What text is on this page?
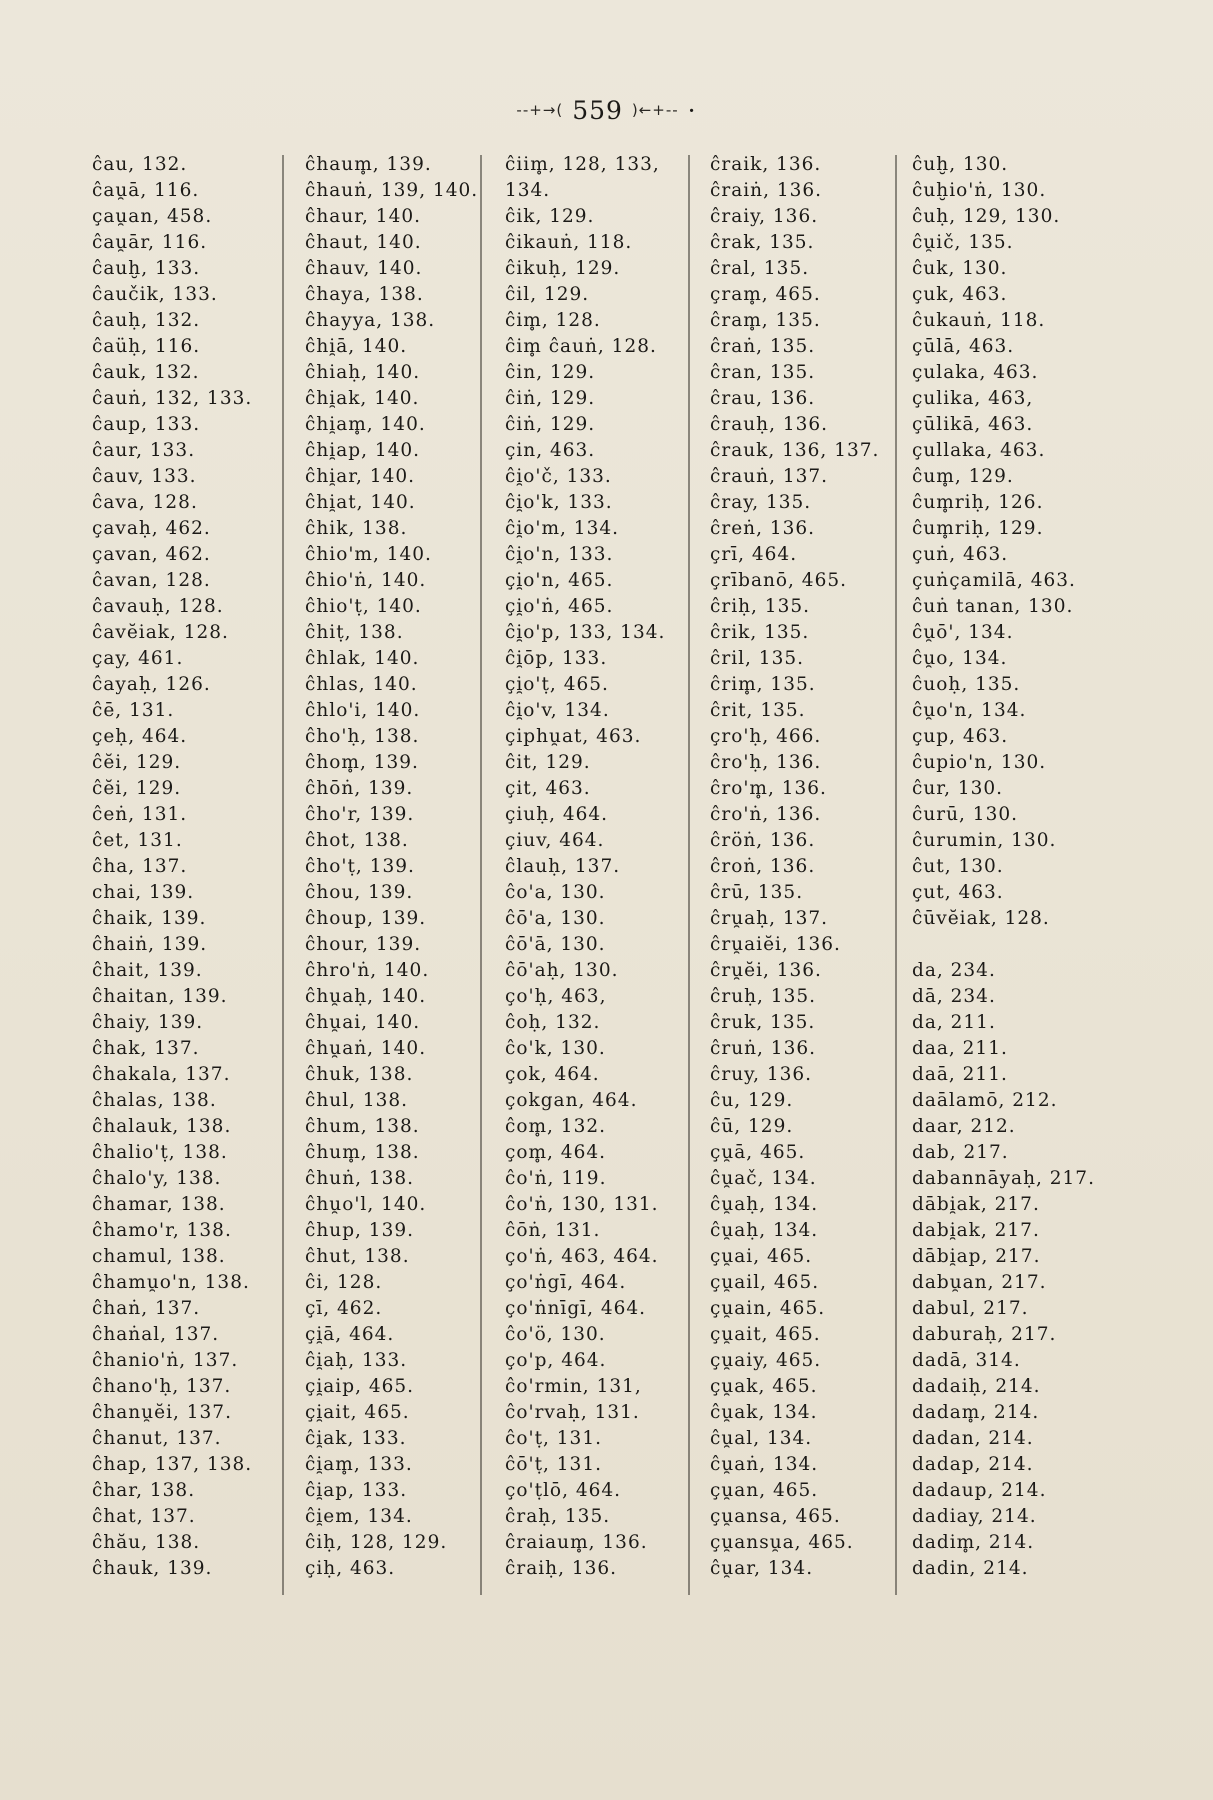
--+→( 559 )←+-- ·
ĉau, 132.
ĉau̯ā, 116.
çau̯an, 458.
ĉau̯ār, 116.
ĉauḫ, 133.
ĉaučik, 133.
ĉauḥ, 132.
ĉaüḥ, 116.
ĉauk, 132.
ĉauṅ, 132, 133.
ĉaup, 133.
ĉaur, 133.
ĉauv, 133.
ĉava, 128.
çavaḥ, 462.
çavan, 462.
ĉavan, 128.
ĉavauḥ, 128.
ĉavĕiak, 128.
çay, 461.
ĉayaḥ, 126.
ĉē, 131.
çeḥ, 464.
ĉĕi, 129.
ĉĕi, 129.
ĉeṅ, 131.
ĉet, 131.
ĉha, 137.
chai, 139.
ĉhaik, 139.
ĉhaiṅ, 139.
ĉhait, 139.
ĉhaitan, 139.
ĉhaiy, 139.
ĉhak, 137.
ĉhakala, 137.
ĉhalas, 138.
ĉhalauk, 138.
ĉhalio'ṭ, 138.
ĉhalo'y, 138.
ĉhamar, 138.
ĉhamo'r, 138.
chamul, 138.
ĉhamu̯o'n, 138.
ĉhaṅ, 137.
ĉhaṅal, 137.
ĉhanio'ṅ, 137.
ĉhano'ḥ, 137.
ĉhanu̯ĕi, 137.
ĉhanut, 137.
ĉhap, 137, 138.
ĉhar, 138.
ĉhat, 137.
ĉhău, 138.
ĉhauk, 139.
ĉhaum̥, 139.
ĉhauṅ, 139, 140.
ĉhaur, 140.
ĉhaut, 140.
ĉhauv, 140.
ĉhaya, 138.
ĉhayya, 138.
ĉhi̯ā, 140.
ĉhiaḥ, 140.
ĉhi̯ak, 140.
ĉhi̯am̥, 140.
ĉhi̯ap, 140.
ĉhi̯ar, 140.
ĉhi̯at, 140.
ĉhik, 138.
ĉhio'm, 140.
ĉhio'ṅ, 140.
ĉhio'ṭ, 140.
ĉhiṭ, 138.
ĉhlak, 140.
ĉhlas, 140.
ĉhlo'i, 140.
ĉho'ḥ, 138.
ĉhom̥, 139.
ĉhōṅ, 139.
ĉho'r, 139.
ĉhot, 138.
ĉho'ṭ, 139.
ĉhou, 139.
ĉhoup, 139.
ĉhour, 139.
ĉhro'ṅ, 140.
ĉhu̯aḥ, 140.
ĉhu̯ai, 140.
ĉhu̯aṅ, 140.
ĉhuk, 138.
ĉhul, 138.
ĉhum, 138.
ĉhum̥, 138.
ĉhuṅ, 138.
ĉhu̯o'l, 140.
ĉhup, 139.
ĉhut, 138.
ĉi, 128.
çī, 462.
çi̯ā, 464.
ĉi̯aḥ, 133.
çi̯aip, 465.
çi̯ait, 465.
ĉi̯ak, 133.
ĉi̯am̥, 133.
ĉi̯ap, 133.
ĉi̯em, 134.
ĉiḥ, 128, 129.
çiḥ, 463.
ĉiim̥, 128, 133,
134.
ĉik, 129.
ĉikauṅ, 118.
ĉikuḥ, 129.
ĉil, 129.
ĉim̥, 128.
ĉim̥ ĉauṅ, 128.
ĉin, 129.
ĉiṅ, 129.
ĉiṅ, 129.
çin, 463.
ĉi̯o'č, 133.
ĉi̯o'k, 133.
ĉi̯o'm, 134.
ĉi̯o'n, 133.
çi̯o'n, 465.
çi̯o'ṅ, 465.
ĉi̯o'p, 133, 134.
ĉi̯ōp, 133.
çi̯o'ṭ, 465.
ĉi̯o'v, 134.
çiphu̯at, 463.
ĉit, 129.
çit, 463.
çiuḥ, 464.
çiuv, 464.
ĉlauḥ, 137.
ĉo'a, 130.
ĉō'a, 130.
ĉō'ā, 130.
ĉō'aḥ, 130.
ço'ḥ, 463,
ĉoḥ, 132.
ĉo'k, 130.
çok, 464.
çokgan, 464.
ĉom̥, 132.
çom̥, 464.
ĉo'ṅ, 119.
ĉo'ṅ, 130, 131.
ĉōṅ, 131.
ço'ṅ, 463, 464.
ço'ṅgī, 464.
ço'ṅnīgī, 464.
ĉo'ö, 130.
ço'p, 464.
ĉo'rmin, 131,
ĉo'rvaḥ, 131.
ĉo'ṭ, 131.
ĉō'ṭ, 131.
ço'ṭlō, 464.
ĉraḥ, 135.
ĉraiaum̥, 136.
ĉraiḥ, 136.
ĉraik, 136.
ĉraiṅ, 136.
ĉraiy, 136.
ĉrak, 135.
ĉral, 135.
çram̥, 465.
ĉram̥, 135.
ĉraṅ, 135.
ĉran, 135.
ĉrau, 136.
ĉrauḥ, 136.
ĉrauk, 136, 137.
ĉrauṅ, 137.
ĉray, 135.
ĉreṅ, 136.
çrī, 464.
çrībanō, 465.
ĉriḥ, 135.
ĉrik, 135.
ĉril, 135.
ĉrim̥, 135.
ĉrit, 135.
çro'ḥ, 466.
ĉro'ḥ, 136.
ĉro'm̥, 136.
ĉro'ṅ, 136.
ĉröṅ, 136.
ĉroṅ, 136.
ĉrū, 135.
ĉru̯aḥ, 137.
ĉru̯aiĕi, 136.
ĉru̯ĕi, 136.
ĉruḥ, 135.
ĉruk, 135.
ĉruṅ, 136.
ĉruy, 136.
ĉu, 129.
ĉū, 129.
çu̯ā, 465.
ĉu̯ač, 134.
ĉu̯aḥ, 134.
ĉu̯aḥ, 134.
çu̯ai, 465.
çu̯ail, 465.
çu̯ain, 465.
çu̯ait, 465.
çu̯aiy, 465.
çu̯ak, 465.
ĉu̯ak, 134.
ĉu̯al, 134.
ĉu̯aṅ, 134.
çu̯an, 465.
çu̯ansa, 465.
çu̯ansu̯a, 465.
ĉu̯ar, 134.
ĉuḫ, 130.
ĉuḫio'ṅ, 130.
ĉuḥ, 129, 130.
ĉu̯ič, 135.
ĉuk, 130.
çuk, 463.
ĉukauṅ, 118.
çūlā, 463.
çulaka, 463.
çulika, 463,
çūlikā, 463.
çullaka, 463.
ĉum̥, 129.
ĉum̥riḥ, 126.
ĉum̥riḥ, 129.
çuṅ, 463.
çuṅçamilā, 463.
ĉuṅ tanan, 130.
ĉu̯ō', 134.
ĉu̯o, 134.
ĉuoḥ, 135.
ĉu̯o'n, 134.
çup, 463.
ĉupio'n, 130.
ĉur, 130.
ĉurū, 130.
ĉurumin, 130.
ĉut, 130.
çut, 463.
ĉūvĕiak, 128.
da, 234.
dā, 234.
da, 211.
daa, 211.
daā, 211.
daālamō, 212.
daar, 212.
dab, 217.
dabannāyaḥ, 217.
dābi̯ak, 217.
dabi̯ak, 217.
dābi̯ap, 217.
dabu̯an, 217.
dabul, 217.
daburaḥ, 217.
dadā, 314.
dadaiḥ, 214.
dadam̥, 214.
dadan, 214.
dadap, 214.
dadaup, 214.
dadiay, 214.
dadim̥, 214.
dadin, 214.
